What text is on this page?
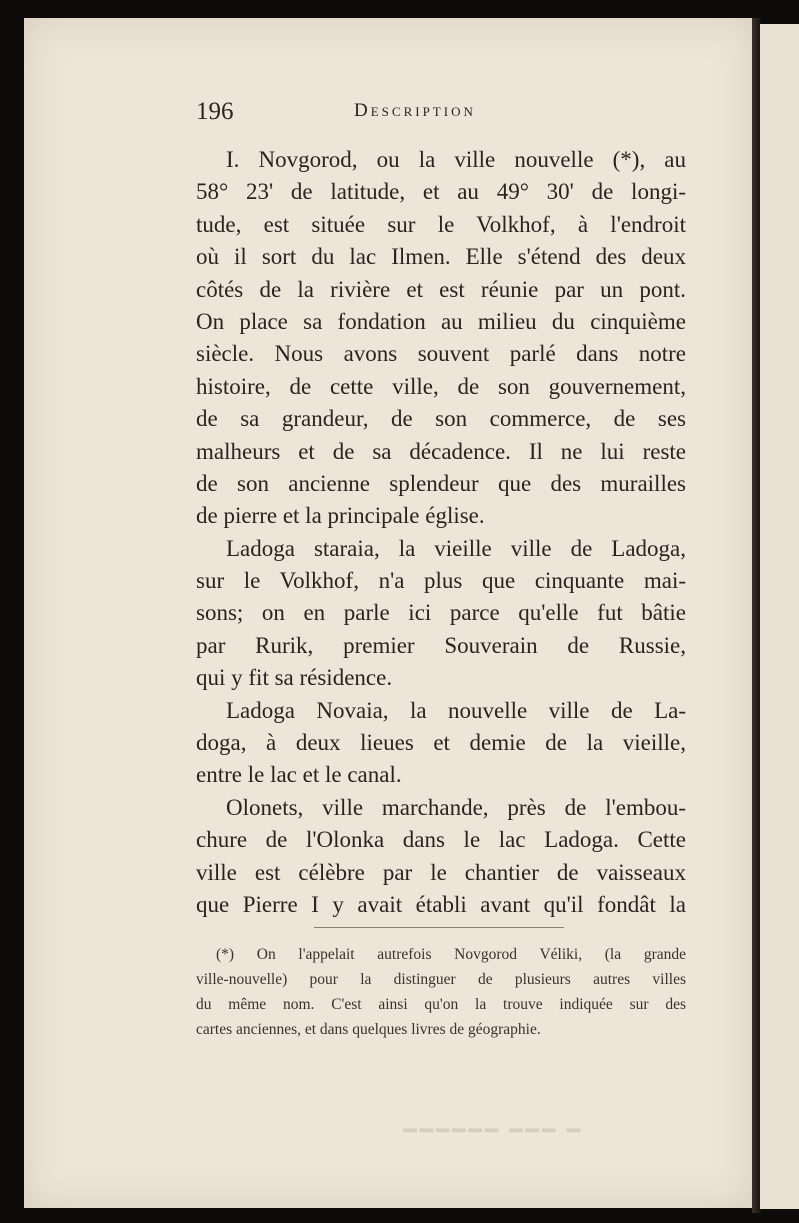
196	Description
I. Novgorod, ou la ville nouvelle (*), au
58° 23' de latitude, et au 49° 30' de longi-
tude, est située sur le Volkhof, à l'endroit
où il sort du lac Ilmen. Elle s'étend des deux
côtés de la rivière et est réunie par un pont.
On place sa fondation au milieu du cinquième
siècle. Nous avons souvent parlé dans notre
histoire, de cette ville, de son gouvernement,
de sa grandeur, de son commerce, de ses
malheurs et de sa décadence. Il ne lui reste
de son ancienne splendeur que des murailles
de pierre et la principale église.
Ladoga staraia, la vieille ville de Ladoga,
sur le Volkhof, n'a plus que cinquante mai-
sons; on en parle ici parce qu'elle fut bâtie
par Rurik, premier Souverain de Russie,
qui y fit sa résidence.
Ladoga Novaia, la nouvelle ville de La-
doga, à deux lieues et demie de la vieille,
entre le lac et le canal.
Olonets, ville marchande, près de l'embou-
chure de l'Olonka dans le lac Ladoga. Cette
ville est célèbre par le chantier de vaisseaux
que Pierre I y avait établi avant qu'il fondât la
(*) On l'appelait autrefois Novgorod Véliki, (la grande
ville-nouvelle) pour la distinguer de plusieurs autres villes
du même nom. C'est ainsi qu'on la trouve indiquée sur des
cartes anciennes, et dans quelques livres de géographie.
━ ━━━ ━━━━━━
